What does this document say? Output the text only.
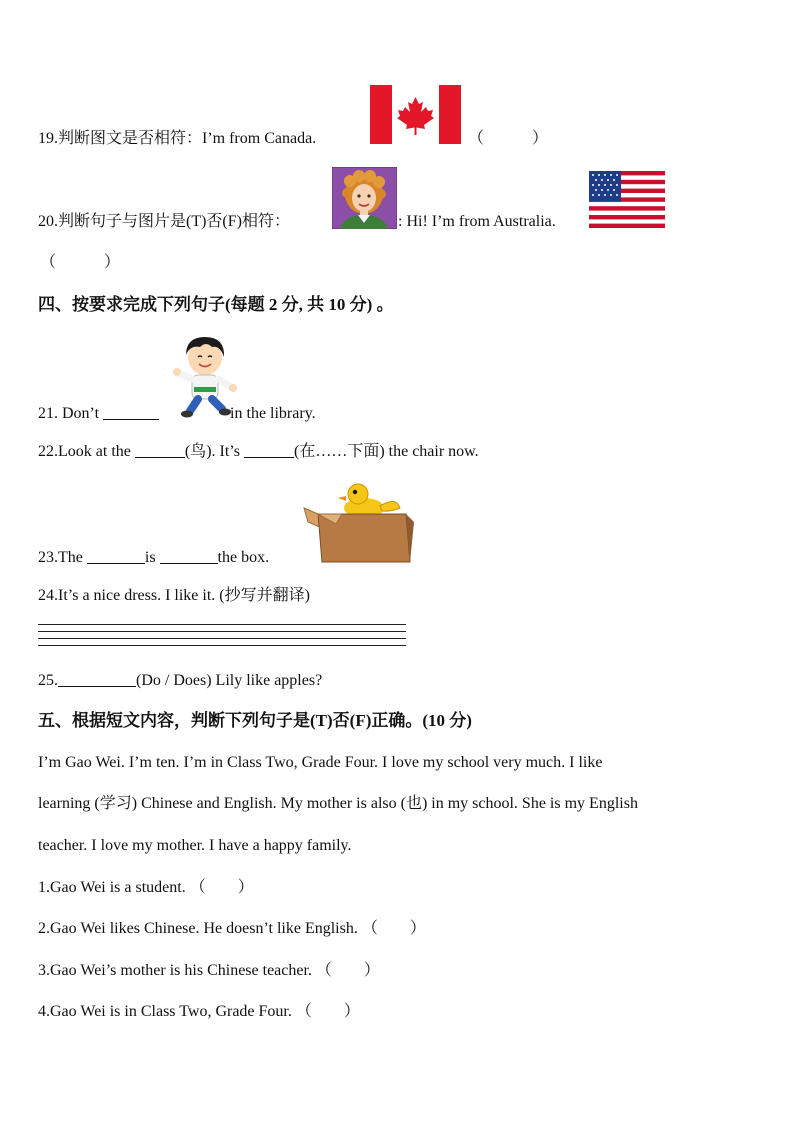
19.判断图文是否相符：I’m from Canada.	（　　　）
20.判断句子与图片是(T)否(F)相符：	: Hi! I’m from Australia.
（　　　）
四、按要求完成下列句子(每题 2 分, 共 10 分) 。
21. Don’t	in the library.
22.Look at the	(鸟). It’s	(在……下面) the chair now.
23.The	is	the box.
24.It’s a nice dress. I like it. (抄写并翻译)
25.	(Do / Does) Lily like apples?
五、根据短文内容，判断下列句子是(T)否(F)正确。(10 分)
I’m Gao Wei. I’m ten. I’m in Class Two, Grade Four. I love my school very much. I like
learning (学习) Chinese and English. My mother is also (也) in my school. She is my English
teacher. I love my mother. I have a happy family.
1.Gao Wei is a student. （　　）
2.Gao Wei likes Chinese. He doesn’t like English. （　　）
3.Gao Wei’s mother is his Chinese teacher. （　　）
4.Gao Wei is in Class Two, Grade Four. （　　）
